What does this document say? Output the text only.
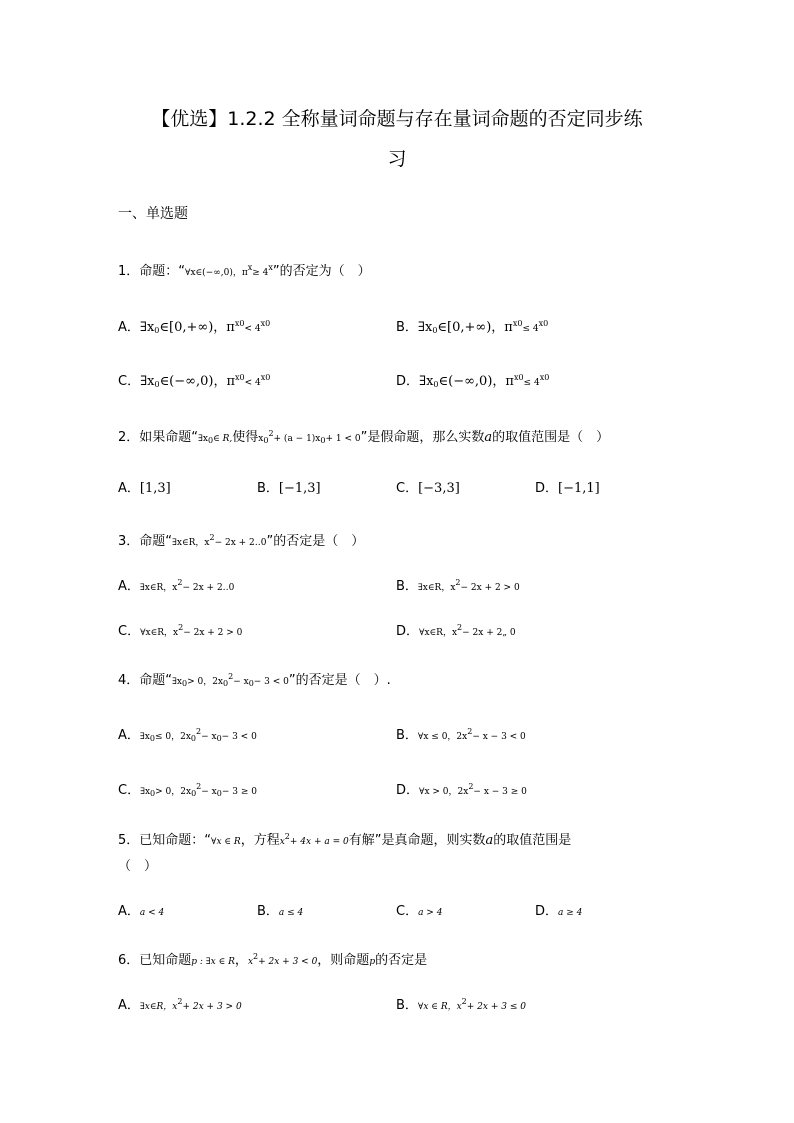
【优选】1.2.2 全称量词命题与存在量词命题的否定同步练
习
一、单选题
1．命题：“∀x∈(−∞,0)，$\pi^x\ge 4^x$”的否定为（　）
A．$\exists x_0\in[0,+\infty)$，$\pi^{x0}< 4^{x0}$	B．$\exists x_0\in[0,+\infty)$，$\pi^{x0}\le 4^{x0}$
C．$\exists x_0\in(-\infty,0)$，$\pi^{x0}< 4^{x0}$	D．$\exists x_0\in(-\infty,0)$，$\pi^{x0}\le 4^{x0}$
2．如果命题“$\exists x_0\in$ R,使得$x_0^2+ (a - 1)x_0+ 1 < 0$”是假命题，那么实数a的取值范围是（　）
A．[1,3]	B．[−1,3]	C．[−3,3]	D．[−1,1]
3．命题“∃x∈R，$x^2- 2x$ + 2‥0”的否定是（　）
A．∃x∈R，$x^2- 2x$ + 2‥0	B．∃x∈R，$x^2- 2x + 2 > 0$
C．∀x∈R，$x^2- 2x + 2 > 0$	D．∀x∈R，$x^2- 2x$ + 2„ 0
4．命题“$\exists x_0> 0$，$2x_0^2- x_0- 3 < 0$”的否定是（　）.
A．$\exists x_0\le 0$，$2x_0^2- x_0- 3 < 0$	B．∀x ≤ 0，$2x^2- x - 3 < 0$
C．$\exists x_0> 0$，$2x_0^2- x_0- 3 \ge 0$	D．∀x > 0，$2x^2- x - 3 \ge 0$
5．已知命题：“∀x ∈ R，方程$x^2+ 4x + a = 0$有解”是真命题，则实数a的取值范围是
（　）
A．a < 4	B．a ≤ 4	C．a > 4	D．a ≥ 4
6．已知命题p : ∃x ∈ R，$x^2+ 2x + 3 < 0$，则命题p的否定是
A．∃x∈R，$x^2+ 2x + 3 > 0$	B．∀x ∈ R，$x^2+ 2x + 3 \le 0$
